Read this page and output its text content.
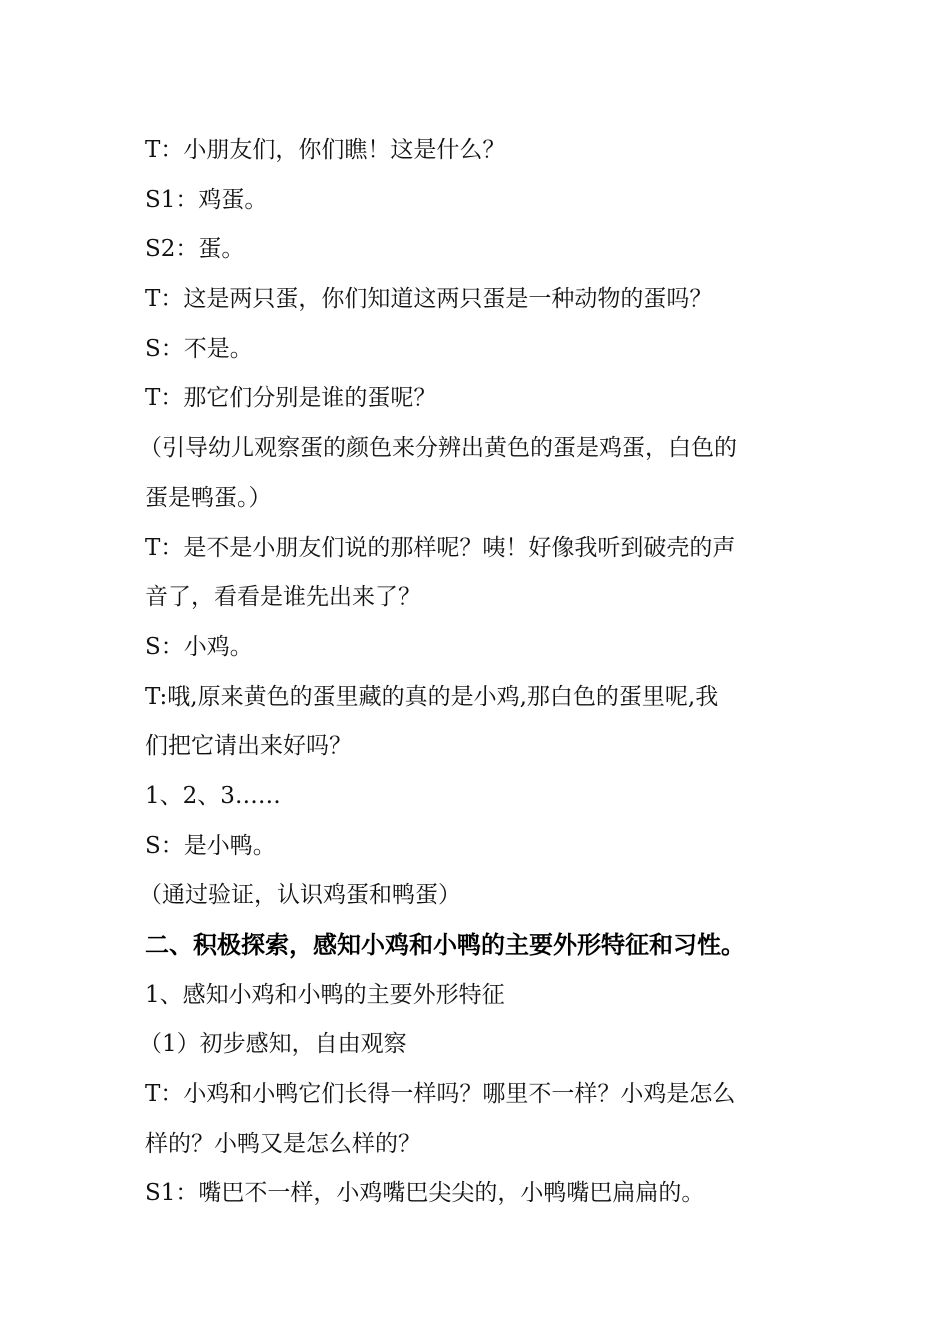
T：小朋友们，你们瞧！这是什么？
S1：鸡蛋。
S2：蛋。
T：这是两只蛋，你们知道这两只蛋是一种动物的蛋吗？
S：不是。
T：那它们分别是谁的蛋呢？
（引导幼儿观察蛋的颜色来分辨出黄色的蛋是鸡蛋，白色的
蛋是鸭蛋。）
T：是不是小朋友们说的那样呢？咦！好像我听到破壳的声
音了，看看是谁先出来了？
S：小鸡。
T:哦,原来黄色的蛋里藏的真的是小鸡,那白色的蛋里呢,我
们把它请出来好吗？
1、2、3……
S：是小鸭。
（通过验证，认识鸡蛋和鸭蛋）
二、积极探索，感知小鸡和小鸭的主要外形特征和习性。
1、感知小鸡和小鸭的主要外形特征
（1）初步感知，自由观察
T：小鸡和小鸭它们长得一样吗？哪里不一样？小鸡是怎么
样的？小鸭又是怎么样的？
S1：嘴巴不一样，小鸡嘴巴尖尖的，小鸭嘴巴扁扁的。
